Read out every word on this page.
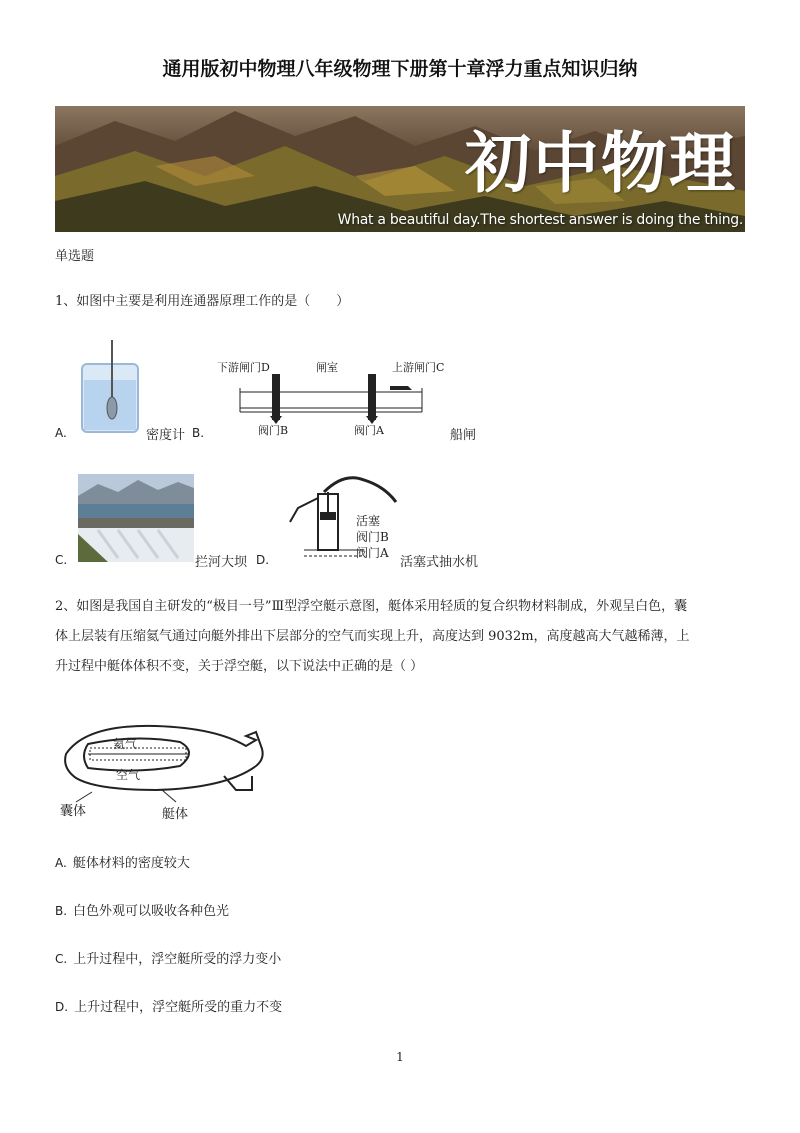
通用版初中物理八年级物理下册第十章浮力重点知识归纳
初中物理
What a beautiful day.The shortest answer is doing the thing.
单选题
1、如图中主要是利用连通器原理工作的是（　　）
A.	密度计 B.
下游闸门D	闸室	上游闸门C
阀门B	阀门A	船闸
C.	拦河大坝 D.
活塞
阀门B
阀门A
活塞式抽水机

2、如图是我国自主研发的“极目一号”Ⅲ型浮空艇示意图，艇体采用轻质的复合织物材料制成，外观呈白色，囊

体上层装有压缩氦气通过向艇外排出下层部分的空气而实现上升，高度达到 9032m，高度越高大气越稀薄，上

升过程中艇体体积不变，关于浮空艇，以下说法中正确的是（ ）

氦气
空气
囊体	艇体
A. 艇体材料的密度较大
B. 白色外观可以吸收各种色光
C. 上升过程中，浮空艇所受的浮力变小
D. 上升过程中，浮空艇所受的重力不变
1
